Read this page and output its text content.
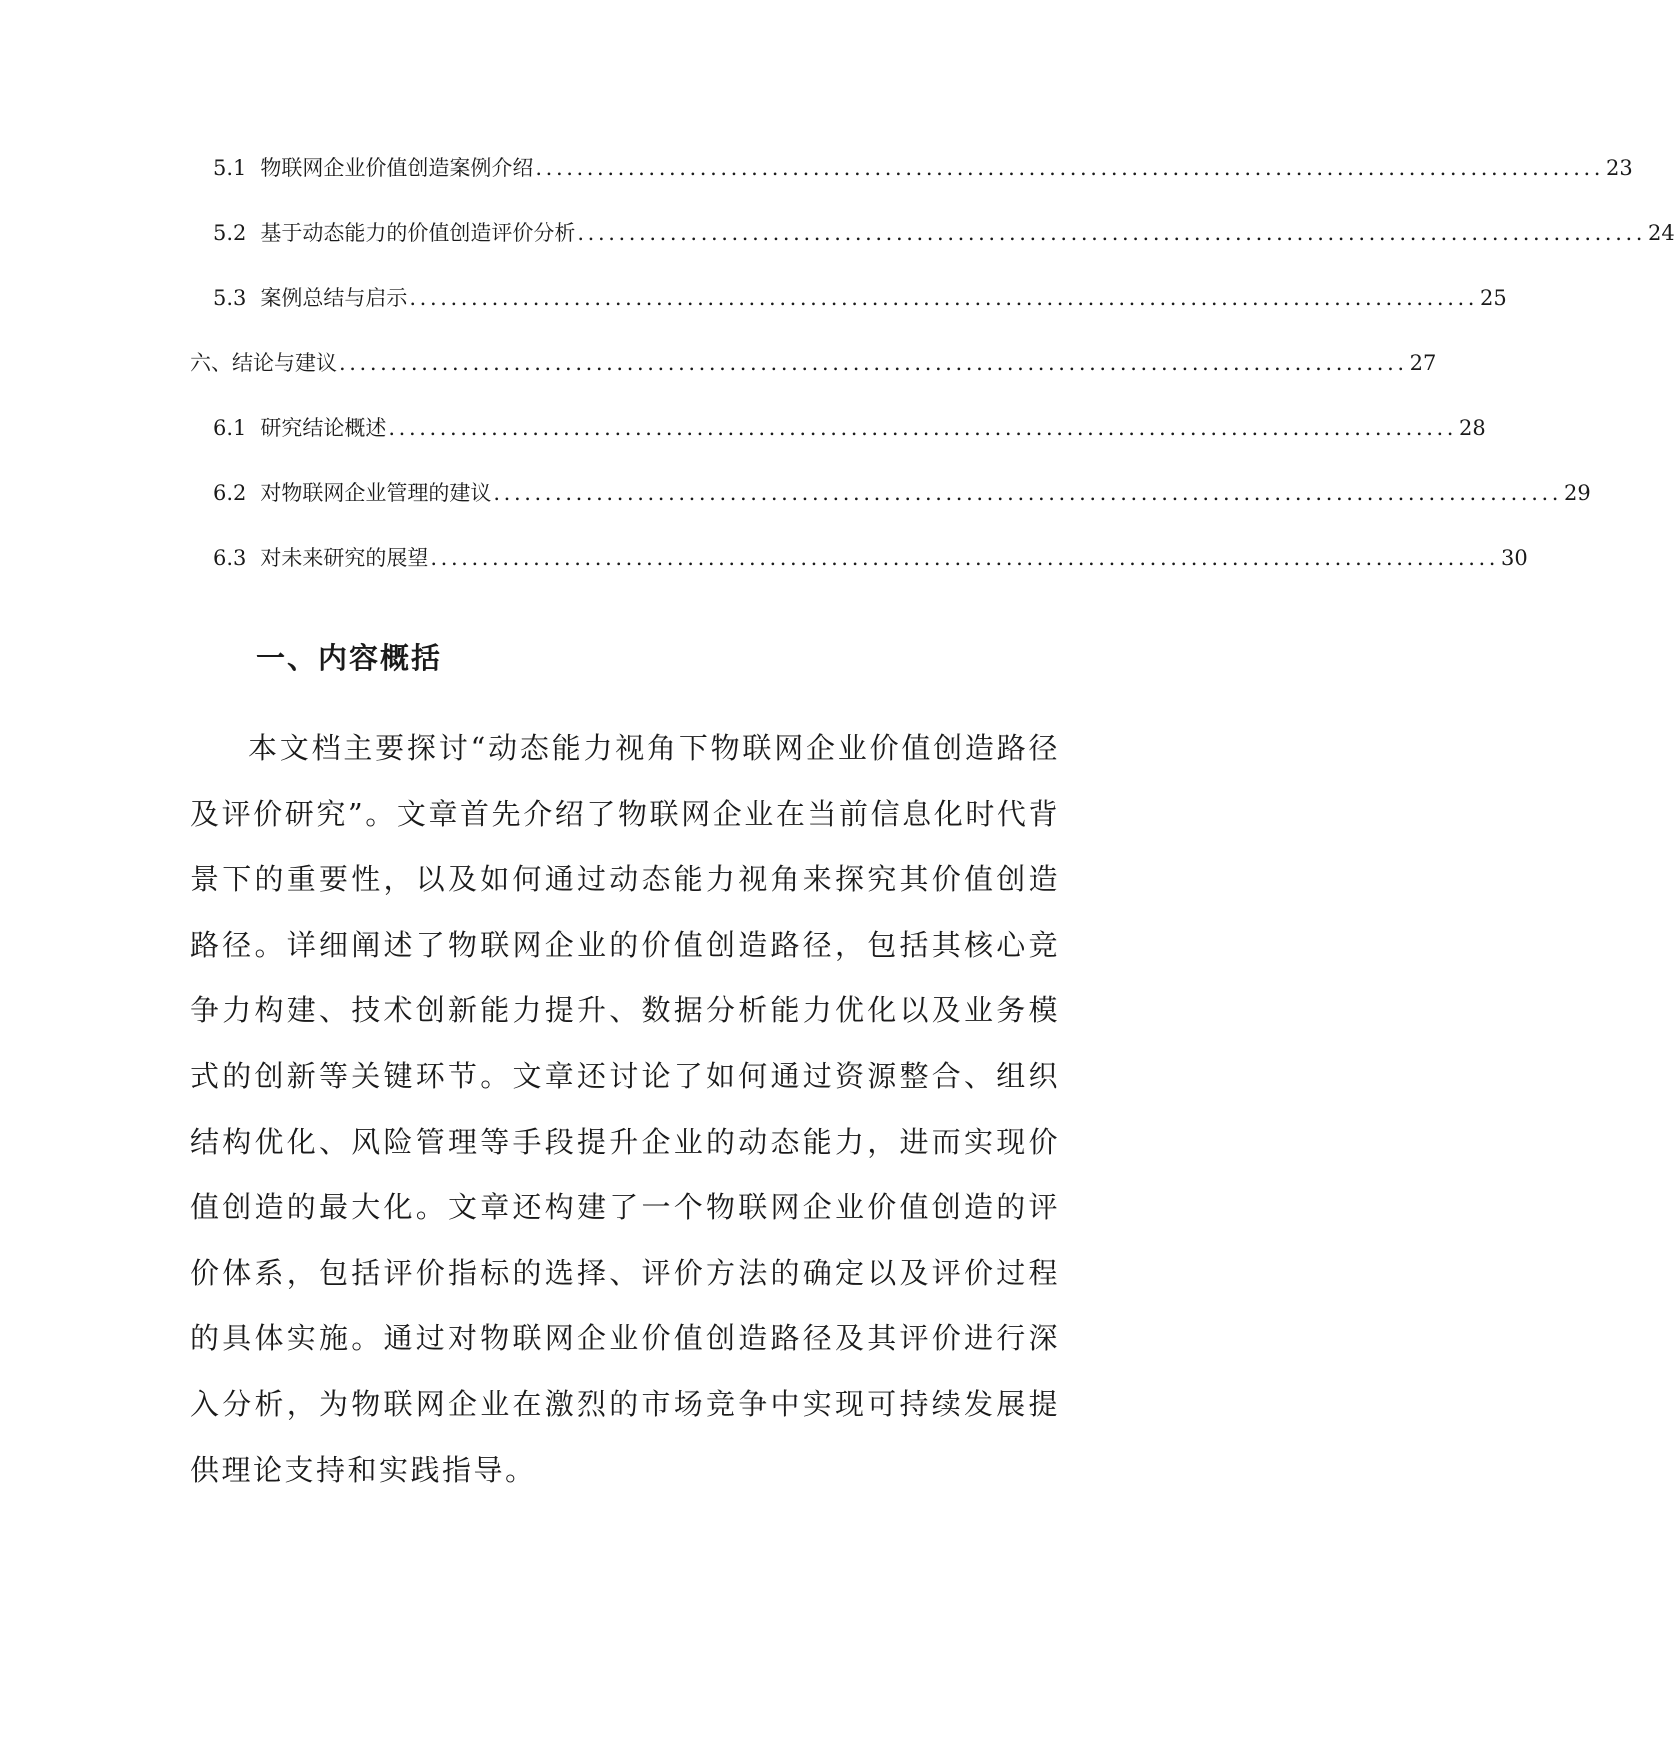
5.1 物联网企业价值创造案例介绍 ........................................................................................................ 23
5.2 基于动态能力的价值创造评价分析 ........................................................................................................ 24
5.3 案例总结与启示 ........................................................................................................ 25
六、结论与建议 ........................................................................................................ 27
6.1 研究结论概述 ........................................................................................................ 28
6.2 对物联网企业管理的建议 ........................................................................................................ 29
6.3 对未来研究的展望 ........................................................................................................ 30
一、内容概括

本文档主要探讨“动态能力视角下物联网企业价值创造路径及评价研究”。文章首先介绍了物联网企业在当前信息化时代背景下的重要性，以及如何通过动态能力视角来探究其价值创造路径。详细阐述了物联网企业的价值创造路径，包括其核心竞争力构建、技术创新能力提升、数据分析能力优化以及业务模式的创新等关键环节。文章还讨论了如何通过资源整合、组织结构优化、风险管理等手段提升企业的动态能力，进而实现价值创造的最大化。文章还构建了一个物联网企业价值创造的评价体系，包括评价指标的选择、评价方法的确定以及评价过程的具体实施。通过对物联网企业价值创造路径及其评价进行深入分析，为物联网企业在激烈的市场竞争中实现可持续发展提供理论支持和实践指导。
